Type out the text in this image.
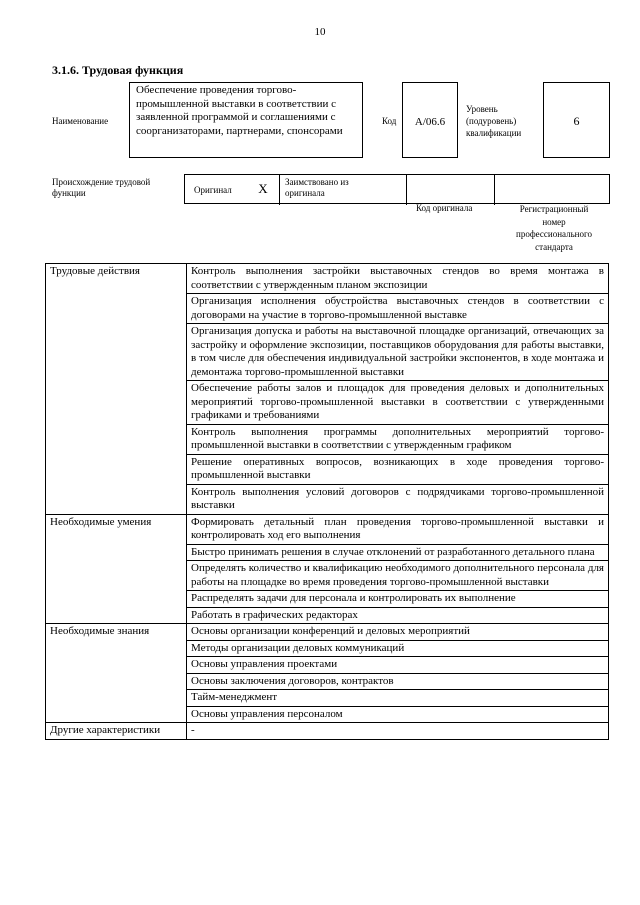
10
3.1.6. Трудовая функция
Наименование
Обеспечение проведения торгово-промышленной выставки в соответствии с заявленной программой и соглашениями с соорганизаторами, партнерами, спонсорами
Код	А/06.6
Уровень
(подуровень)
квалификации
6
Происхождение трудовой
функции	Оригинал	X	Заимствовано из
оригинала
Код оригинала	Регистрационный
номер
профессионального
стандарта
Трудовые действия	Контроль выполнения застройки выставочных стендов во время монтажа в соответствии с утвержденным планом экспозиции
	Организация исполнения обустройства выставочных стендов в соответствии с договорами на участие в торгово-промышленной выставке
	Организация допуска и работы на выставочной площадке организаций, отвечающих за застройку и оформление экспозиции, поставщиков оборудования для работы выставки, в том числе для обеспечения индивидуальной застройки экспонентов, в ходе монтажа и демонтажа торгово-промышленной выставки
	Обеспечение работы залов и площадок для проведения деловых и дополнительных мероприятий торгово-промышленной выставки в соответствии с утвержденными графиками и требованиями
	Контроль выполнения программы дополнительных мероприятий торгово-промышленной выставки в соответствии с утвержденным графиком
	Решение оперативных вопросов, возникающих в ходе проведения торгово-промышленной выставки
	Контроль выполнения условий договоров с подрядчиками торгово-промышленной выставки
Необходимые умения	Формировать детальный план проведения торгово-промышленной выставки и контролировать ход его выполнения
	Быстро принимать решения в случае отклонений от разработанного детального плана
	Определять количество и квалификацию необходимого дополнительного персонала для работы на площадке во время проведения торгово-промышленной выставки
	Распределять задачи для персонала и контролировать их выполнение
	Работать в графических редакторах
Необходимые знания	Основы организации конференций и деловых мероприятий
	Методы организации деловых коммуникаций
	Основы управления проектами
	Основы заключения договоров, контрактов
	Тайм-менеджмент
	Основы управления персоналом
Другие характеристики	-
